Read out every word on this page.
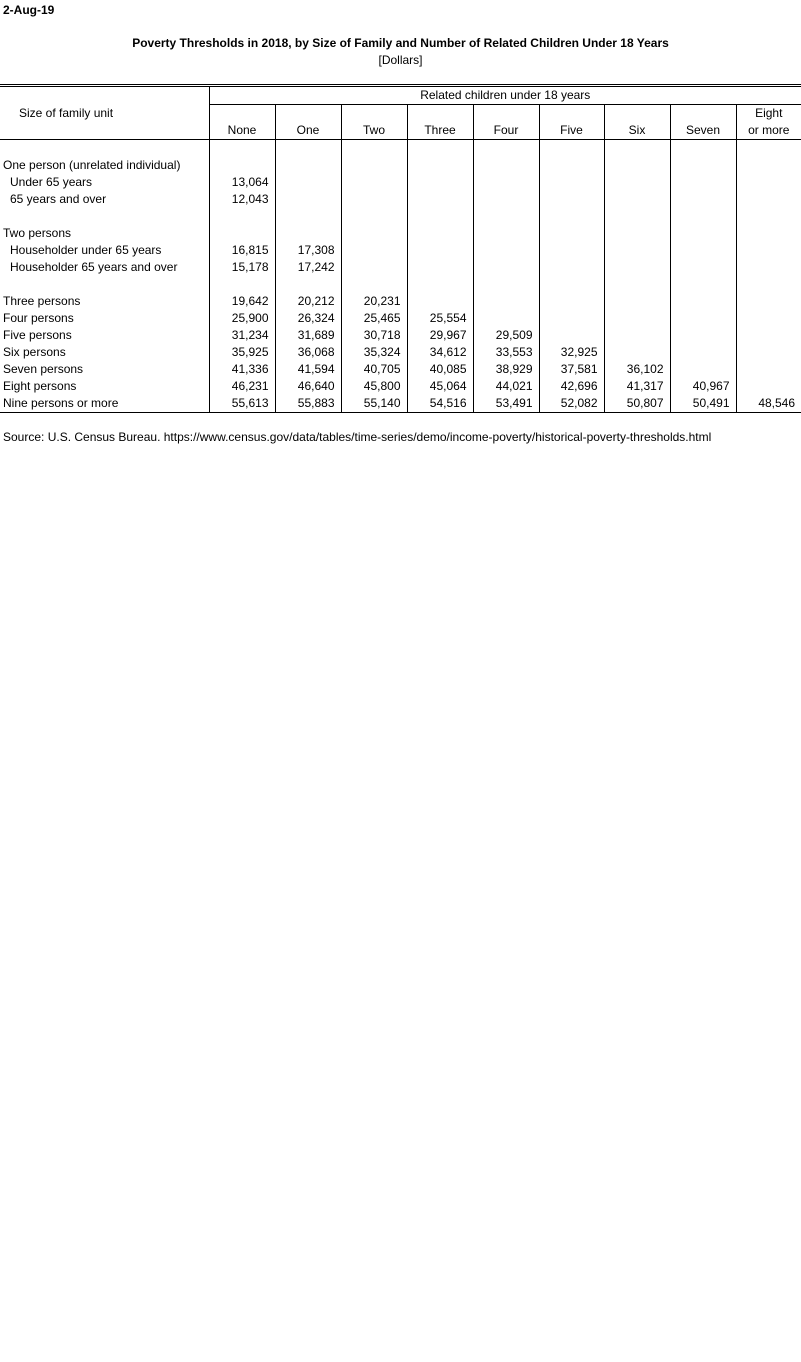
2-Aug-19
Poverty Thresholds in 2018, by Size of Family and Number of Related Children Under 18 Years
[Dollars]
Size of family unit	Related children under 18 years								
	None	One	Two	Three	Four	Five	Six	Seven	Eight
or more

One person (unrelated individual)									
Under 65 years	13,064								
65 years and over	12,043								

Two persons									
Householder under 65 years	16,815	17,308							
Householder 65 years and over	15,178	17,242							

Three persons	19,642	20,212	20,231						
Four persons	25,900	26,324	25,465	25,554					
Five persons	31,234	31,689	30,718	29,967	29,509				
Six persons	35,925	36,068	35,324	34,612	33,553	32,925			
Seven persons	41,336	41,594	40,705	40,085	38,929	37,581	36,102		
Eight persons	46,231	46,640	45,800	45,064	44,021	42,696	41,317	40,967	
Nine persons or more	55,613	55,883	55,140	54,516	53,491	52,082	50,807	50,491	48,546
Source: U.S. Census Bureau. https://www.census.gov/data/tables/time-series/demo/income-poverty/historical-poverty-thresholds.html
